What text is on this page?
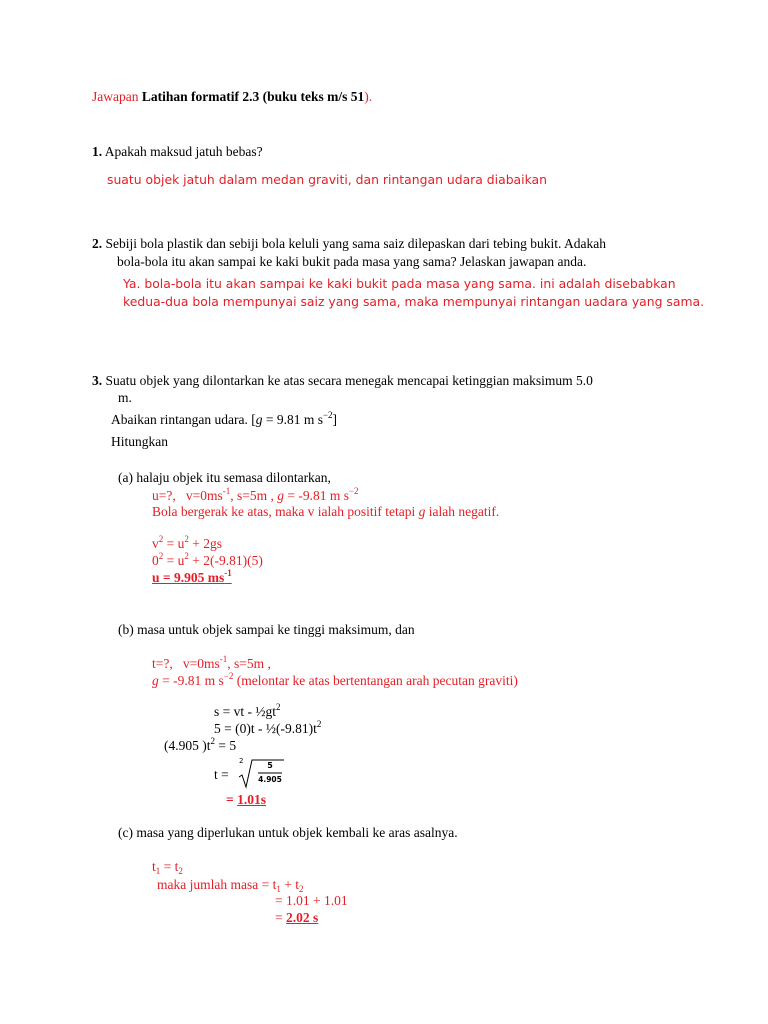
Jawapan Latihan formatif 2.3 (buku teks m/s 51).
1. Apakah maksud jatuh bebas?
suatu objek jatuh dalam medan graviti, dan rintangan udara diabaikan
2. Sebiji bola plastik dan sebiji bola keluli yang sama saiz dilepaskan dari tebing bukit. Adakah
bola-bola itu akan sampai ke kaki bukit pada masa yang sama? Jelaskan jawapan anda.
Ya. bola-bola itu akan sampai ke kaki bukit pada masa yang sama. ini adalah disebabkan
kedua-dua bola mempunyai saiz yang sama, maka mempunyai rintangan uadara yang sama.
3. Suatu objek yang dilontarkan ke atas secara menegak mencapai ketinggian maksimum 5.0
m.
Abaikan rintangan udara. [g = 9.81 m $s^{-2}$]
Hitungkan
(a) halaju objek itu semasa dilontarkan,
u=?, $v=0ms^{-1}$, s=5m , g = -9.81 m $s^{-2}$
Bola bergerak ke atas, maka v ialah positif tetapi g ialah negatif.
$v^2 = u^2 + 2gs$
$0^2 = u^2 + 2(-9.81)(5)$
u = 9.905 $ms^{-1}$
(b) masa untuk objek sampai ke tinggi maksimum, dan
t=?, $v=0ms^{-1}$, s=5m ,
g = -9.81 m $s^{-2}$ (melontar ke atas bertentangan arah pecutan graviti)
s = vt - $\frac{1}{2}gt^2$
$5 = (0)t - \frac{1}{2}(-9.81)t^2$
(4.905 )$t^2 = 5$
t =
2	5
4.905
= 1.01s
(c) masa yang diperlukan untuk objek kembali ke aras asalnya.
$t_1 = t_2$
maka jumlah masa = $t_1 + t_2$
= 1.01 + 1.01
= 2.02 s
